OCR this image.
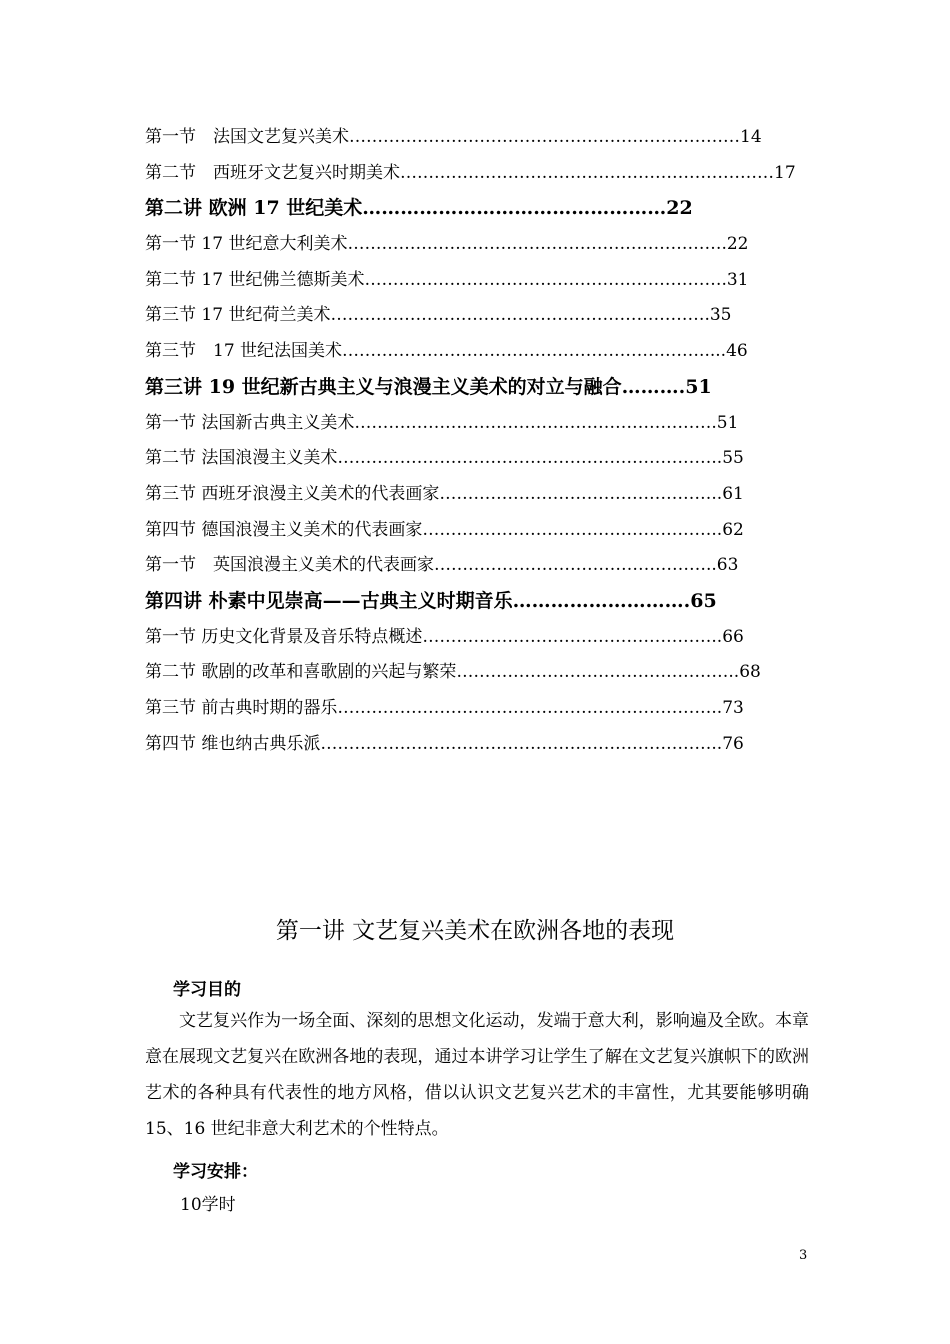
第一节　法国文艺复兴美术……………………………………………………………14
第二节　西班牙文艺复兴时期美术…………………………………………………………17
第二讲 欧洲 17 世纪美术…………………………………………22
第一节 17 世纪意大利美术………………………………………………………….22
第二节 17 世纪佛兰德斯美术……………………………………………………….31
第三节 17 世纪荷兰美术………………………………………………………….35
第三节　17 世纪法国美术……………………………………………………….....46
第三讲 19 世纪新古典主义与浪漫主义美术的对立与融合……….51
第一节 法国新古典主义美术……………………………………………………….51
第二节 法国浪漫主义美术…………………………………………………………..55
第三节 西班牙浪漫主义美术的代表画家…………………………………………..61
第四节 德国浪漫主义美术的代表画家……………………………………………..62
第一节　英国浪漫主义美术的代表画家…………………………………………..63
第四讲 朴素中见崇高——古典主义时期音乐……………………….65
第一节 历史文化背景及音乐特点概述……………………………………………..66
第二节 歌剧的改革和喜歌剧的兴起与繁荣…………………………………………..68
第三节 前古典时期的器乐…………………………………………………………..73
第四节 维也纳古典乐派……………………………………………………………..76
第一讲 文艺复兴美术在欧洲各地的表现
学习目的
文艺复兴作为一场全面、深刻的思想文化运动，发端于意大利，影响遍及全欧。本章意在展现文艺复兴在欧洲各地的表现，通过本讲学习让学生了解在文艺复兴旗帜下的欧洲艺术的各种具有代表性的地方风格，借以认识文艺复兴艺术的丰富性，尤其要能够明确 15、16 世纪非意大利艺术的个性特点。
学习安排：
10学时
3
